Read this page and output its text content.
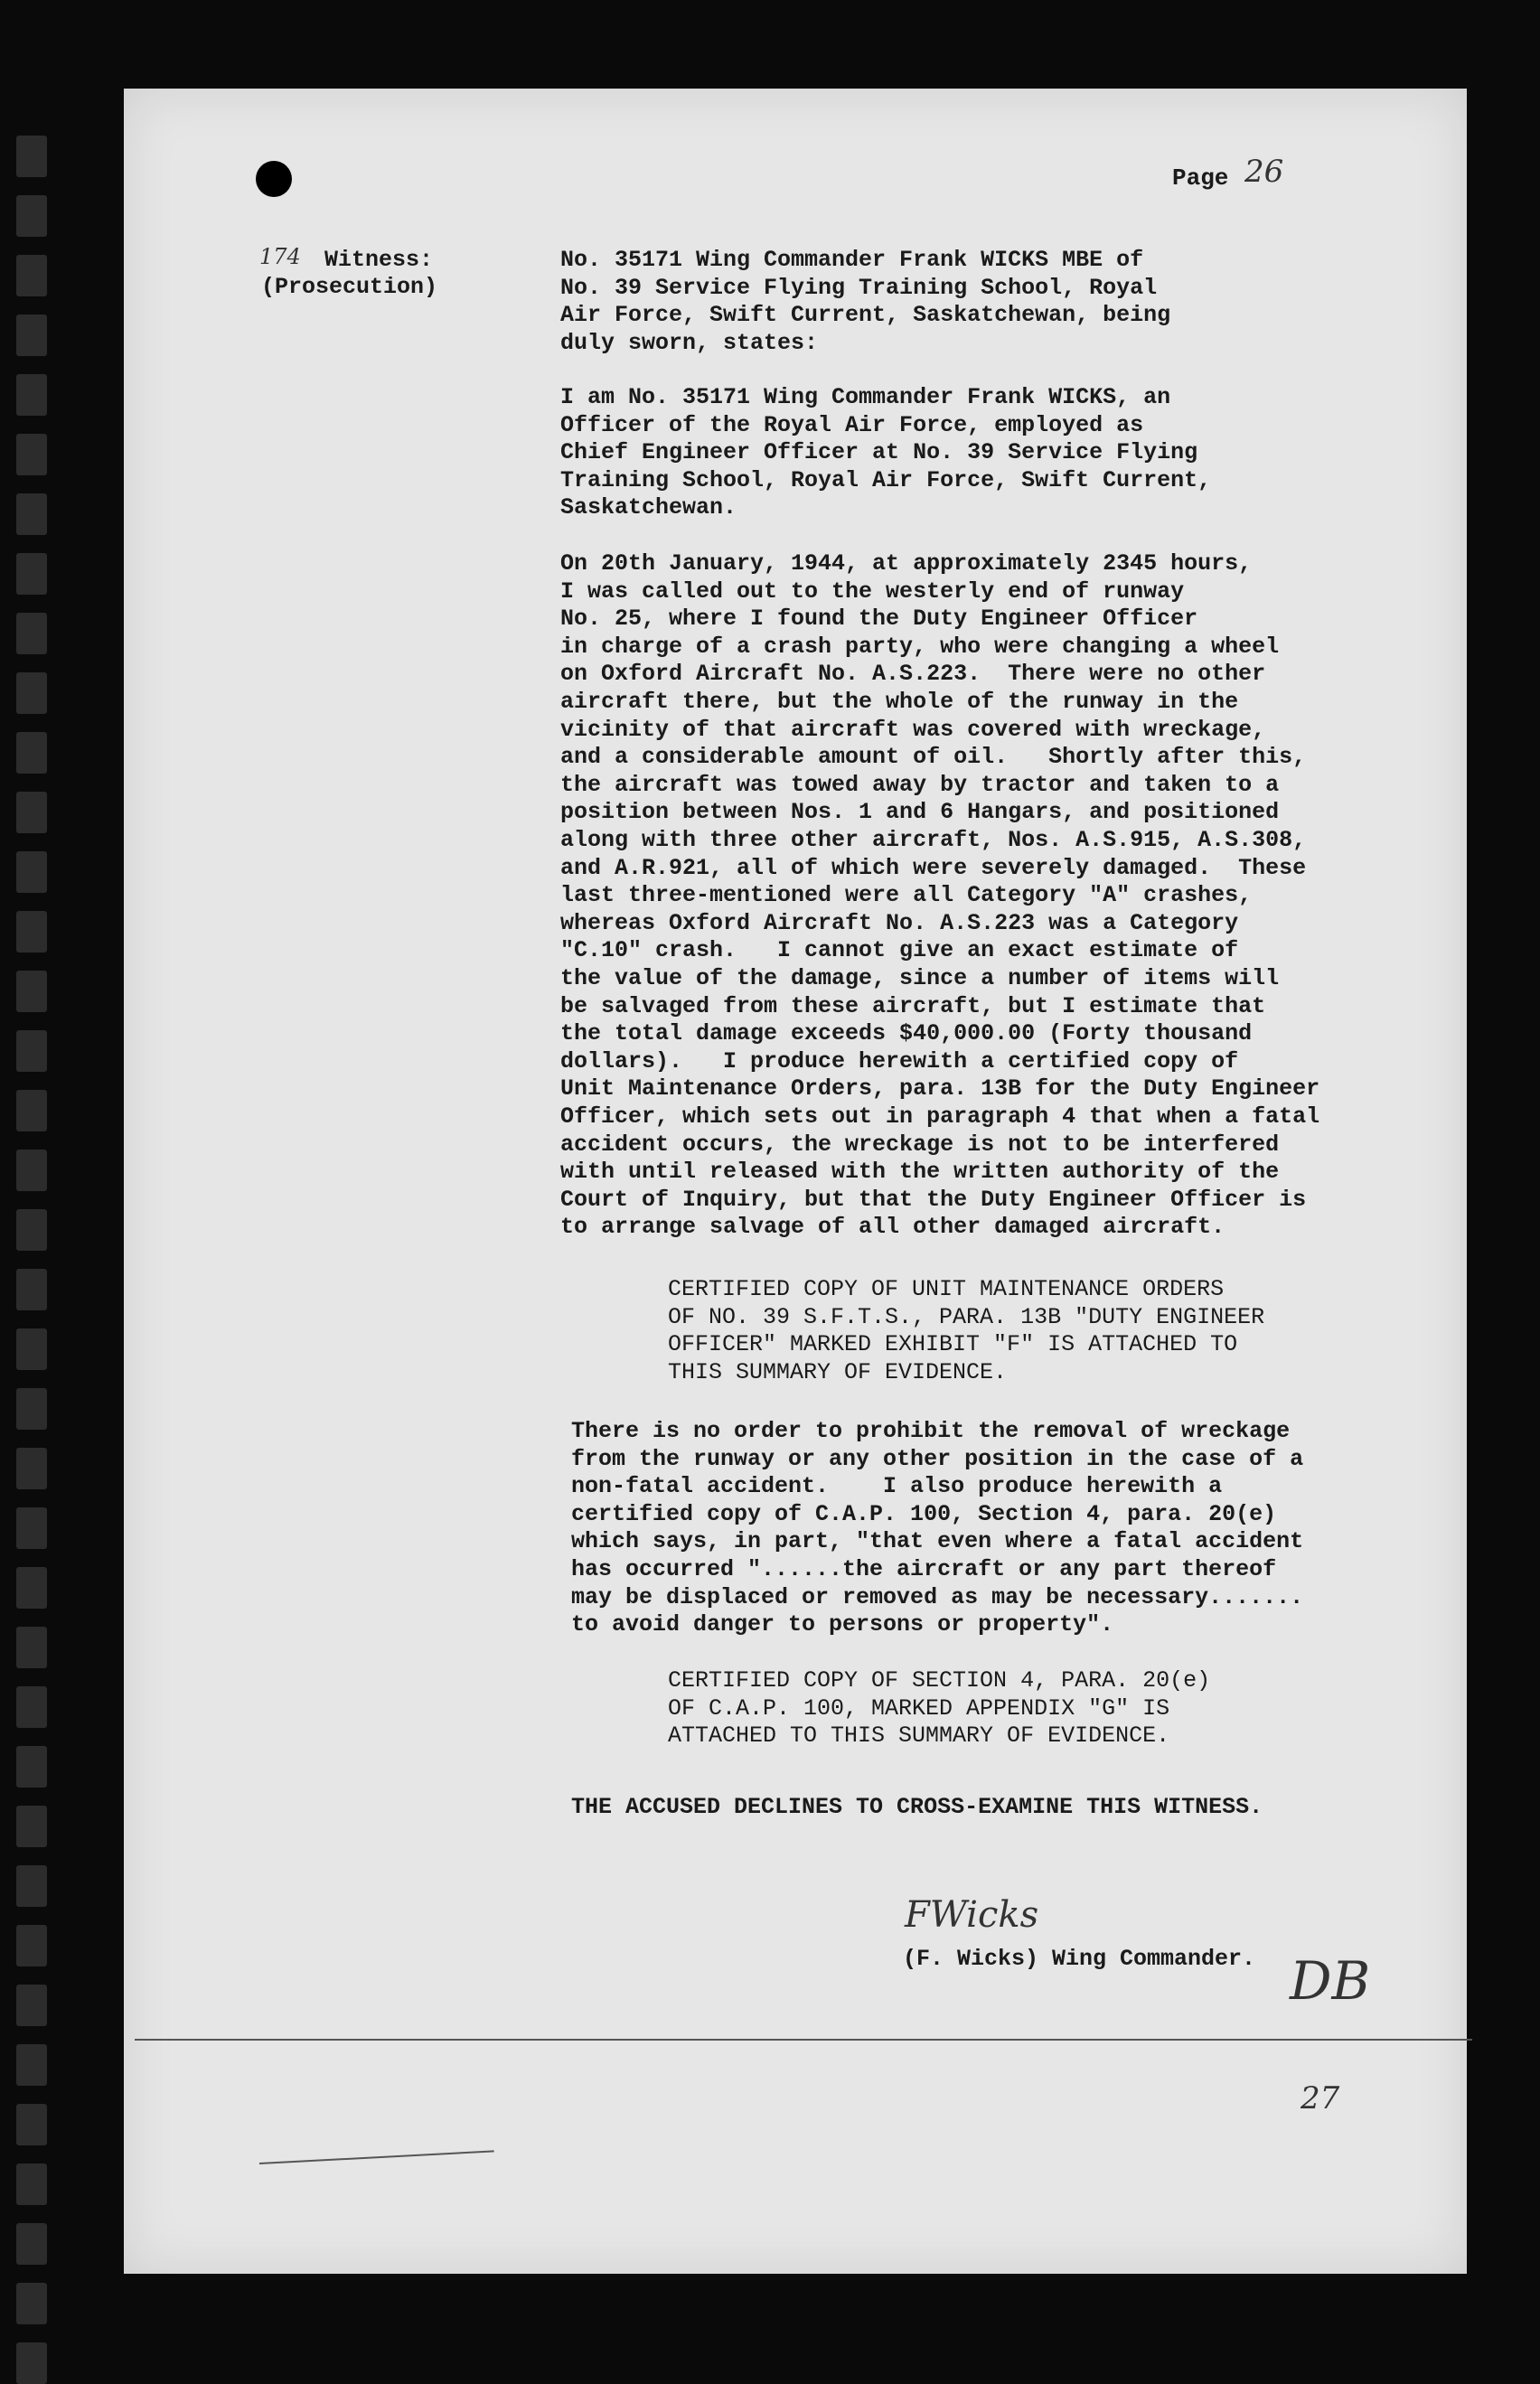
Page 26
174 Witness:
(Prosecution)
No. 35171 Wing Commander Frank WICKS MBE of
No. 39 Service Flying Training School, Royal
Air Force, Swift Current, Saskatchewan, being
duly sworn, states:
I am No. 35171 Wing Commander Frank WICKS, an
Officer of the Royal Air Force, employed as
Chief Engineer Officer at No. 39 Service Flying
Training School, Royal Air Force, Swift Current,
Saskatchewan.
On 20th January, 1944, at approximately 2345 hours,
I was called out to the westerly end of runway
No. 25, where I found the Duty Engineer Officer
in charge of a crash party, who were changing a wheel
on Oxford Aircraft No. A.S.223.  There were no other
aircraft there, but the whole of the runway in the
vicinity of that aircraft was covered with wreckage,
and a considerable amount of oil.   Shortly after this,
the aircraft was towed away by tractor and taken to a
position between Nos. 1 and 6 Hangars, and positioned
along with three other aircraft, Nos. A.S.915, A.S.308,
and A.R.921, all of which were severely damaged.  These
last three-mentioned were all Category "A" crashes,
whereas Oxford Aircraft No. A.S.223 was a Category
"C.10" crash.   I cannot give an exact estimate of
the value of the damage, since a number of items will
be salvaged from these aircraft, but I estimate that
the total damage exceeds $40,000.00 (Forty thousand
dollars).   I produce herewith a certified copy of
Unit Maintenance Orders, para. 13B for the Duty Engineer
Officer, which sets out in paragraph 4 that when a fatal
accident occurs, the wreckage is not to be interfered
with until released with the written authority of the
Court of Inquiry, but that the Duty Engineer Officer is
to arrange salvage of all other damaged aircraft.
CERTIFIED COPY OF UNIT MAINTENANCE ORDERS
OF NO. 39 S.F.T.S., PARA. 13B "DUTY ENGINEER
OFFICER" MARKED EXHIBIT "F" IS ATTACHED TO
THIS SUMMARY OF EVIDENCE.
There is no order to prohibit the removal of wreckage
from the runway or any other position in the case of a
non-fatal accident.    I also produce herewith a
certified copy of C.A.P. 100, Section 4, para. 20(e)
which says, in part, "that even where a fatal accident
has occurred "......the aircraft or any part thereof
may be displaced or removed as may be necessary.......
to avoid danger to persons or property".
CERTIFIED COPY OF SECTION 4, PARA. 20(e)
OF C.A.P. 100, MARKED APPENDIX "G" IS
ATTACHED TO THIS SUMMARY OF EVIDENCE.
THE ACCUSED DECLINES TO CROSS-EXAMINE THIS WITNESS.
FWicks
(F. Wicks) Wing Commander. DB
27
